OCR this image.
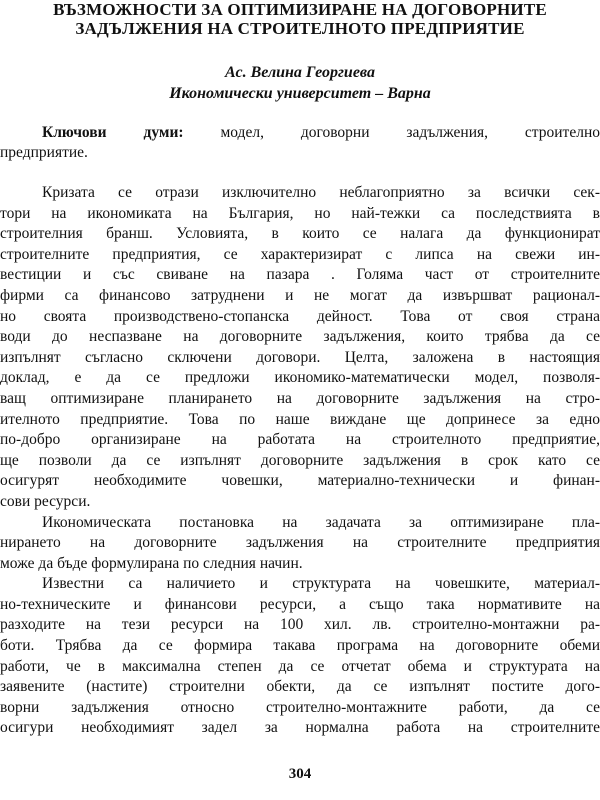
ВЪЗМОЖНОСТИ ЗА ОПТИМИЗИРАНЕ НА ДОГОВОРНИТЕ
ЗАДЪЛЖЕНИЯ НА СТРОИТЕЛНОТО ПРЕДПРИЯТИЕ
Ас. Велина Георгиева
Икономически университет – Варна
Ключови думи: модел, договорни задължения, строително
предприятие.
Кризата се отрази изключително неблагоприятно за всички сек-
тори на икономиката на България, но най-тежки са последствията в
строителния бранш. Условията, в които се налага да функционират
строителните предприятия, се характеризират с липса на свежи ин-
вестиции и със свиване на пазара . Голяма част от строителните
фирми са финансово затруднени и не могат да извършват рационал-
но своята производствено-стопанска дейност. Това от своя страна
води до неспазване на договорните задължения, които трябва да се
изпълнят съгласно сключени договори. Целта, заложена в настоящия
доклад, е да се предложи икономико-математически модел, позволя-
ващ оптимизиране планирането на договорните задължения на стро-
ителното предприятие. Това по наше виждане ще допринесе за едно
по-добро организиране на работата на строителното предприятие,
ще позволи да се изпълнят договорните задължения в срок като се
осигурят необходимите човешки, материално-технически и финан-
сови ресурси.
Икономическата постановка на задачата за оптимизиране пла-
нирането на договорните задължения на строителните предприятия
може да бъде формулирана по следния начин.
Известни са наличието и структурата на човешките, материал-
но-техническите и финансови ресурси, а също така нормативите на
разходите на тези ресурси на 100 хил. лв. строително-монтажни ра-
боти. Трябва да се формира такава програма на договорните обеми
работи, че в максимална степен да се отчетат обема и структурата на
заявените (настите) строителни обекти, да се изпълнят постите дого-
ворни задължения относно строително-монтажните работи, да се
осигури необходимият задел за нормална работа на строителните
304
